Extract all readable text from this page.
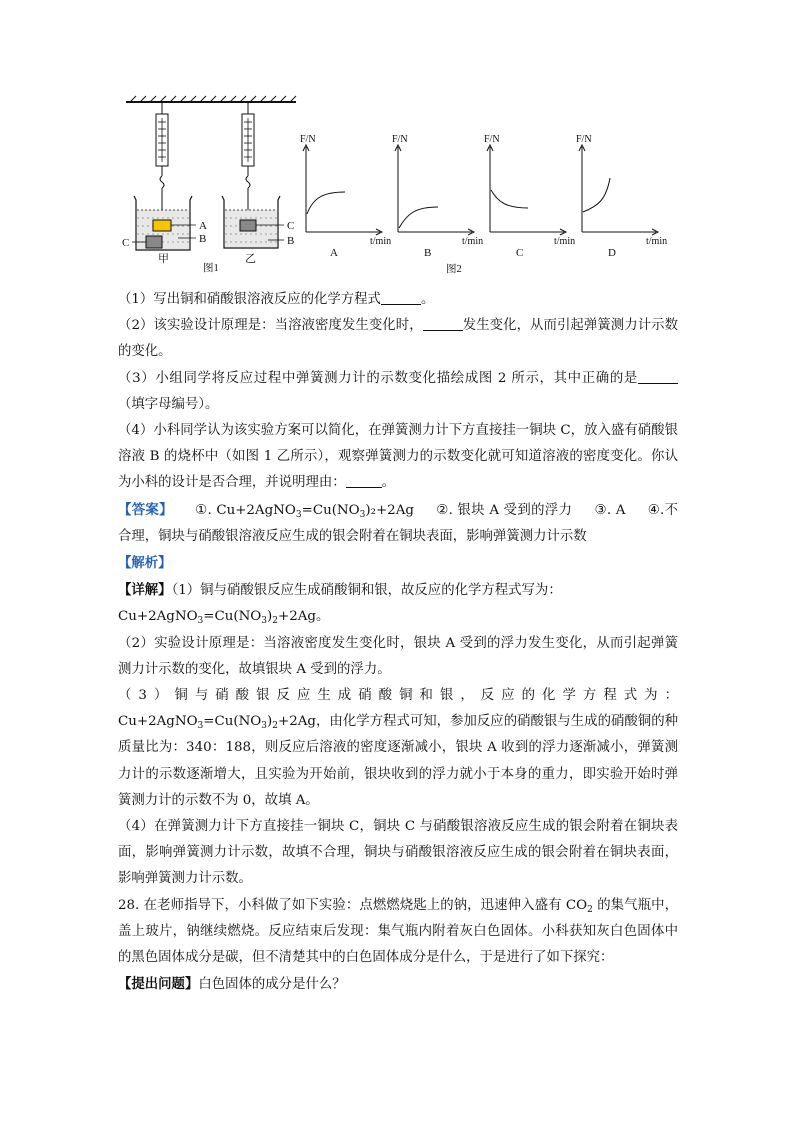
A
B
C
甲
C
B
乙
图1
F/N
t/min
A
F/N
t/min
B
F/N
t/min
C
F/N
t/min
D
图2

（1）写出铜和硝酸银溶液反应的化学方程式	。

（2）该实验设计原理是：当溶液密度发生变化时，	发生变化，从而引起弹簧测力计示数的变化。

（3）小组同学将反应过程中弹簧测力计的示数变化描绘成图 2 所示，其中正确的是（填字母编号）。

（4）小科同学认为该实验方案可以简化，在弹簧测力计下方直接挂一铜块 C，放入盛有硝酸银溶液 B 的烧杯中（如图 1 乙所示），观察弹簧测力的示数变化就可知道溶液的密度变化。你认为小科的设计是否合理，并说明理由：	。

【答案】 ①. $Cu+2AgNO_3=Cu(NO_3)_2+2Ag$ ②. 银块 A 受到的浮力 ③. A ④.不合理，铜块与硝酸银溶液反应生成的银会附着在铜块表面，影响弹簧测力计示数

【解析】

【详解】（1）铜与硝酸银反应生成硝酸铜和银，故反应的化学方程式写为：
$Cu+2AgNO_3=Cu(NO_3)_2+2Ag$。

（2）实验设计原理是：当溶液密度发生变化时，银块 A 受到的浮力发生变化，从而引起弹簧测力计示数的变化，故填银块 A 受到的浮力。

（3）铜与硝酸银反应生成硝酸铜和银，反应的化学方程式为：$Cu+2AgNO_3=Cu(NO_3)_2+2Ag$，由化学方程式可知，参加反应的硝酸银与生成的硝酸铜的种质量比为：340：188，则反应后溶液的密度逐渐减小，银块 A 收到的浮力逐渐减小，弹簧测力计的示数逐渐增大，且实验为开始前，银块收到的浮力就小于本身的重力，即实验开始时弹簧测力计的示数不为 0，故填 A。

（4）在弹簧测力计下方直接挂一铜块 C，铜块 C 与硝酸银溶液反应生成的银会附着在铜块表面，影响弹簧测力计示数，故填不合理，铜块与硝酸银溶液反应生成的银会附着在铜块表面，影响弹簧测力计示数。

28. 在老师指导下，小科做了如下实验：点燃燃烧匙上的钠，迅速伸入盛有 $CO_2$ 的集气瓶中，盖上玻片，钠继续燃烧。反应结束后发现：集气瓶内附着灰白色固体。小科获知灰白色固体中的黑色固体成分是碳，但不清楚其中的白色固体成分是什么，于是进行了如下探究：

【提出问题】白色固体的成分是什么？
